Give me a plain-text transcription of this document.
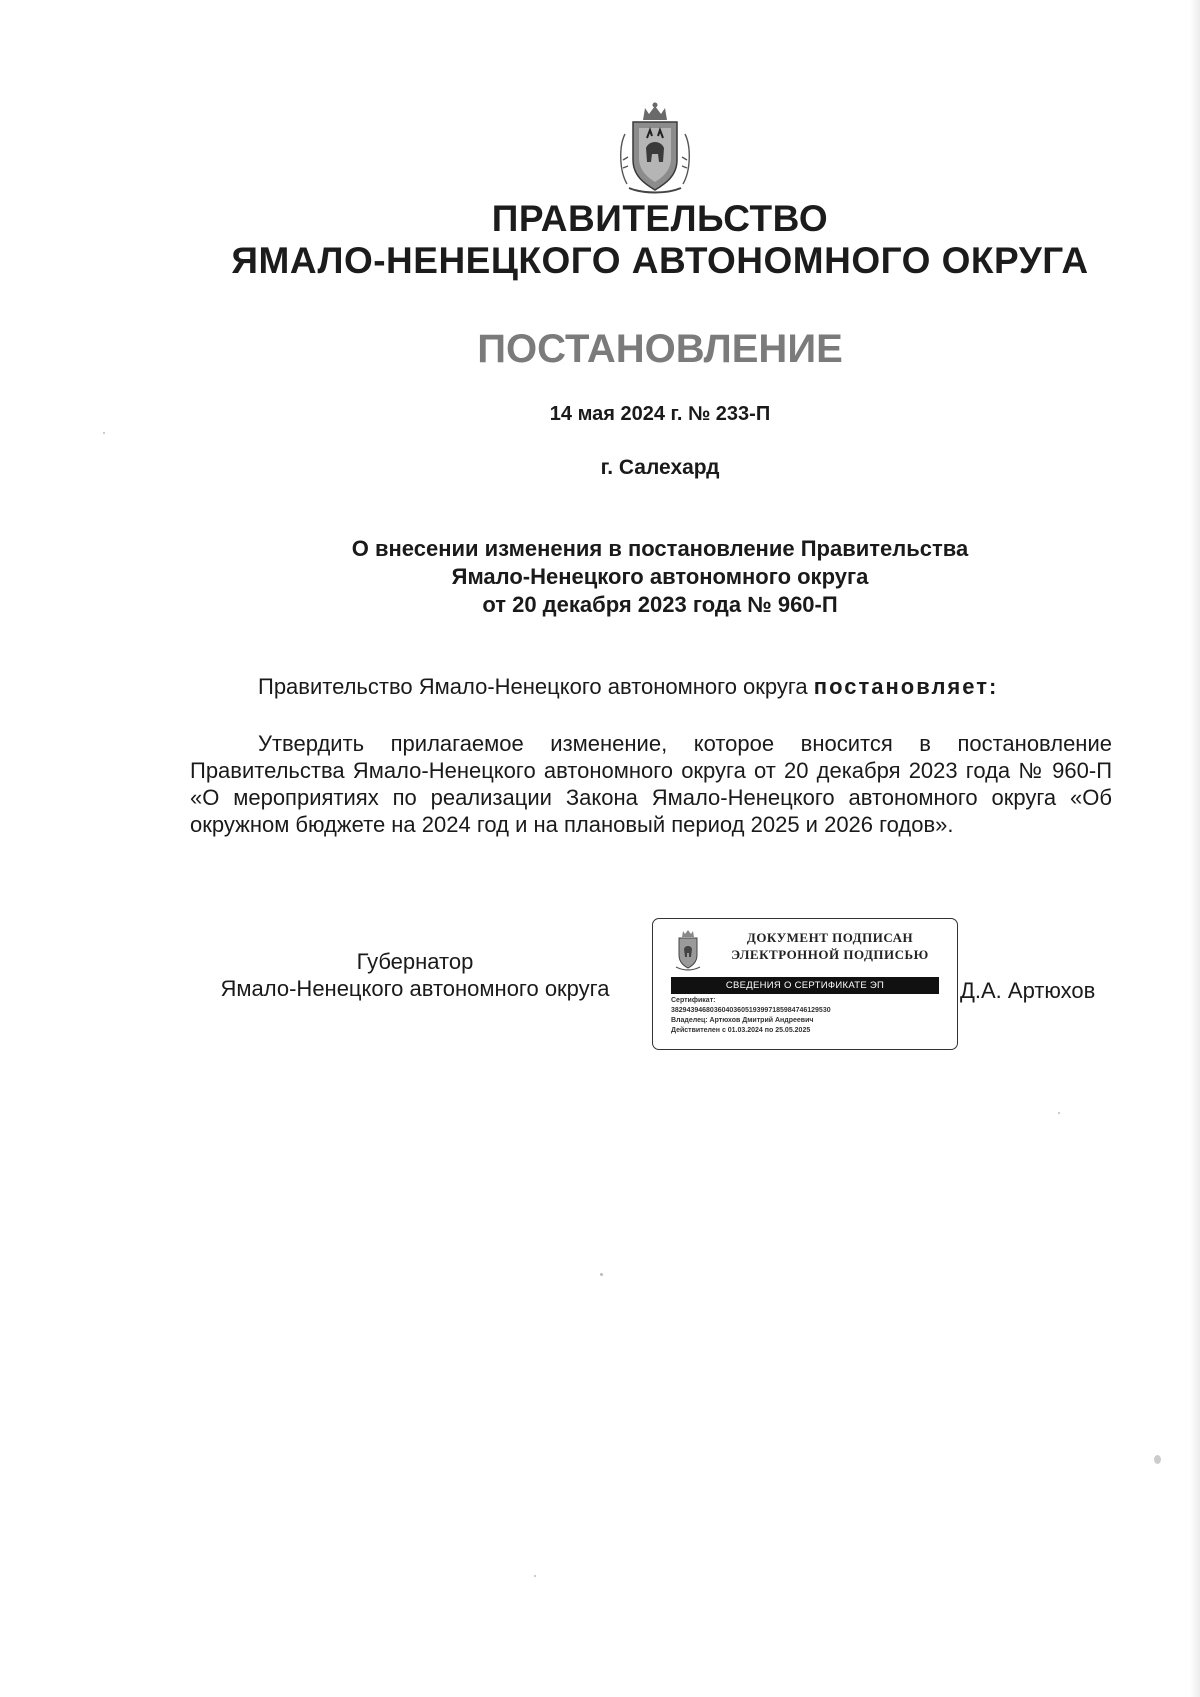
ПРАВИТЕЛЬСТВО
ЯМАЛО-НЕНЕЦКОГО АВТОНОМНОГО ОКРУГА
ПОСТАНОВЛЕНИЕ
14 мая 2024 г. № 233-П
г. Салехард
О внесении изменения в постановление Правительства
Ямало-Ненецкого автономного округа
от 20 декабря 2023 года № 960-П
Правительство Ямало-Ненецкого автономного округа постановляет:
Утвердить прилагаемое изменение, которое вносится в постановление Правительства Ямало-Ненецкого автономного округа от 20 декабря 2023 года № 960-П «О мероприятиях по реализации Закона Ямало-Ненецкого автономного округа «Об окружном бюджете на 2024 год и на плановый период 2025 и 2026 годов».
Губернатор
Ямало-Ненецкого автономного округа
ДОКУМЕНТ ПОДПИСАН
ЭЛЕКТРОННОЙ ПОДПИСЬЮ
СВЕДЕНИЯ О СЕРТИФИКАТЕ ЭП
Сертификат:
38294394680360403605193997185984746129530
Владелец: Артюхов Дмитрий Андреевич
Действителен с 01.03.2024 по 25.05.2025
Д.А. Артюхов
